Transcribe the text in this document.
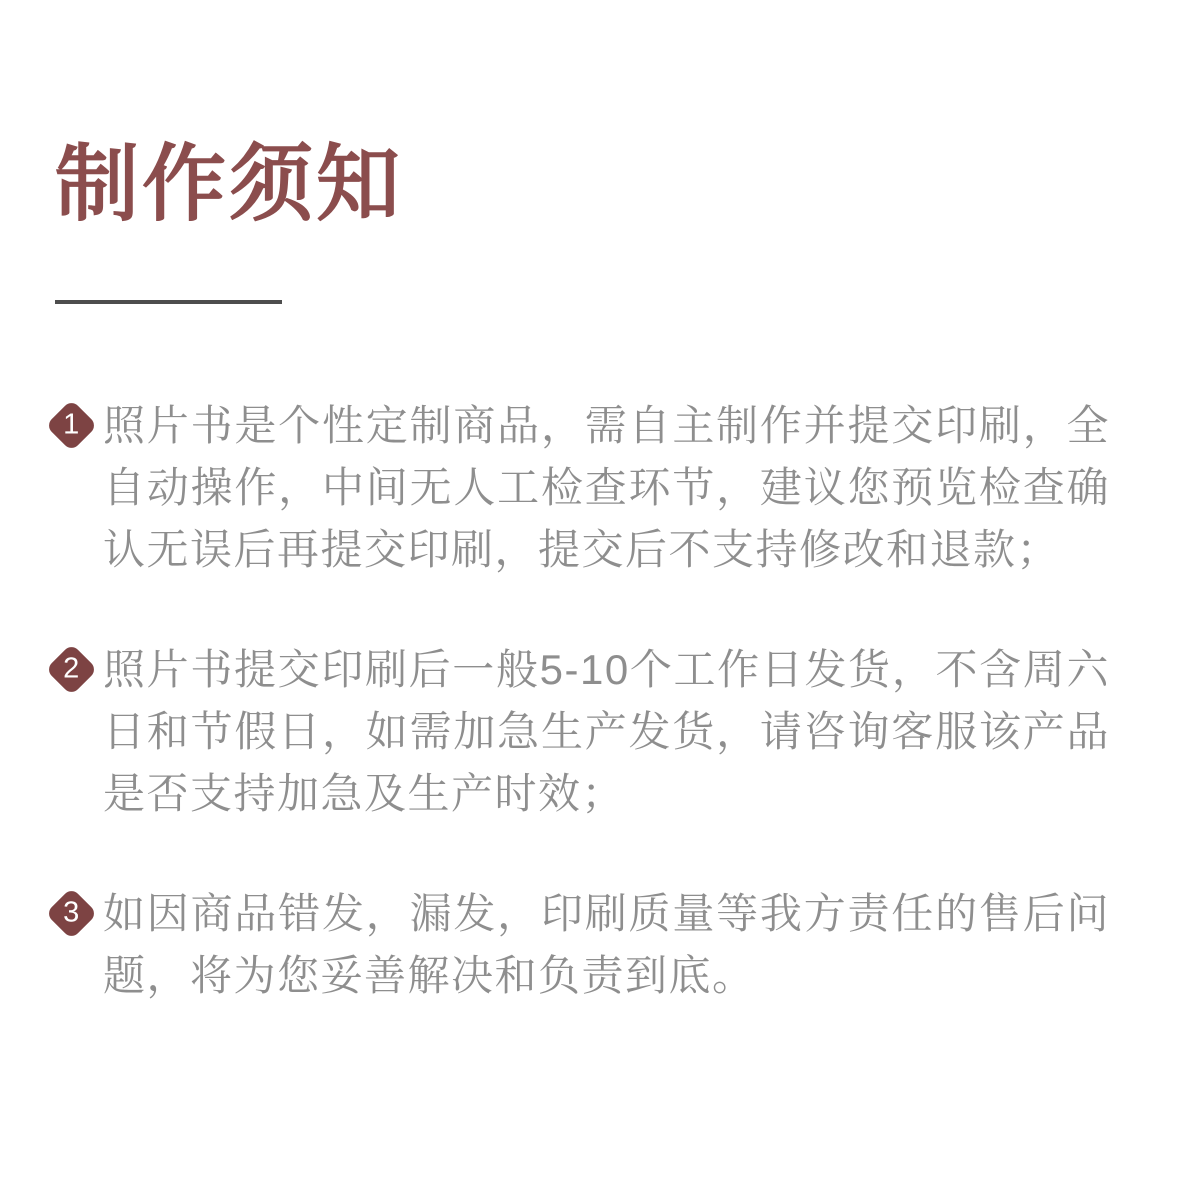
制作须知
1 照片书是个性定制商品，需自主制作并提交印刷，全自动操作，中间无人工检查环节，建议您预览检查确认无误后再提交印刷，提交后不支持修改和退款；

2 照片书提交印刷后一般5-10个工作日发货，不含周六日和节假日，如需加急生产发货，请咨询客服该产品是否支持加急及生产时效；

3 如因商品错发，漏发，印刷质量等我方责任的售后问题，将为您妥善解决和负责到底。
